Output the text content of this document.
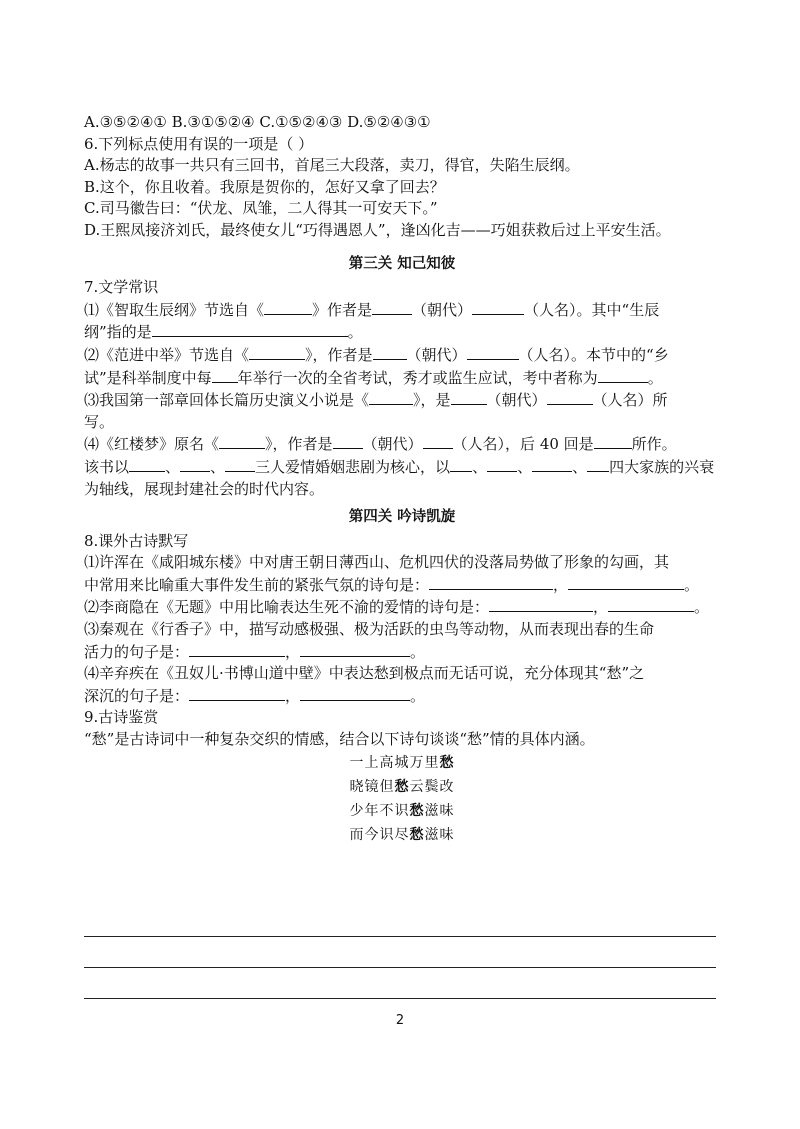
A.③⑤②④① B.③①⑤②④ C.①⑤②④③ D.⑤②④③①
6.下列标点使用有误的一项是（ ）
A.杨志的故事一共只有三回书，首尾三大段落，卖刀，得官，失陷生辰纲。
B.这个，你且收着。我原是贺你的，怎好又拿了回去？
C.司马徽告曰：“伏龙、凤雏，二人得其一可安天下。”
D.王熙凤接济刘氏，最终使女儿“巧得遇恩人”，逢凶化吉——巧姐获救后过上平安生活。
第三关 知己知彼
7.文学常识
⑴《智取生辰纲》节选自《	》作者是	（朝代）	（人名）。其中“生辰
纲”指的是	。
⑵《范进中举》节选自《	》，作者是 （朝代）	（人名）。本节中的“乡
试”是科举制度中每 年举行一次的全省考试，秀才或监生应试，考中者称为	。
⑶我国第一部章回体长篇历史演义小说是《	》，是 （朝代）	（人名）所
写。
⑷《红楼梦》原名《	》，作者是 （朝代） （人名），后 40 回是	所作。
该书以 、 、 三人爱情婚姻悲剧为核心，以 、 、	、 四大家族的兴衰
为轴线，展现封建社会的时代内容。
第四关 吟诗凯旋
8.课外古诗默写
⑴许浑在《咸阳城东楼》中对唐王朝日薄西山、危机四伏的没落局势做了形象的勾画，其
中常用来比喻重大事件发生前的紧张气氛的诗句是：	，	。
⑵李商隐在《无题》中用比喻表达生死不渝的爱情的诗句是：	，	。
⑶秦观在《行香子》中，描写动感极强、极为活跃的虫鸟等动物，从而表现出春的生命
活力的句子是：	，	。
⑷辛弃疾在《丑奴儿·书博山道中壁》中表达愁到极点而无话可说，充分体现其“愁”之
深沉的句子是：	，	。
9.古诗鉴赏
“愁”是古诗词中一种复杂交织的情感，结合以下诗句谈谈“愁”情的具体内涵。
一上高城万里愁
晓镜但愁云鬓改
少年不识愁滋味
而今识尽愁滋味
2
